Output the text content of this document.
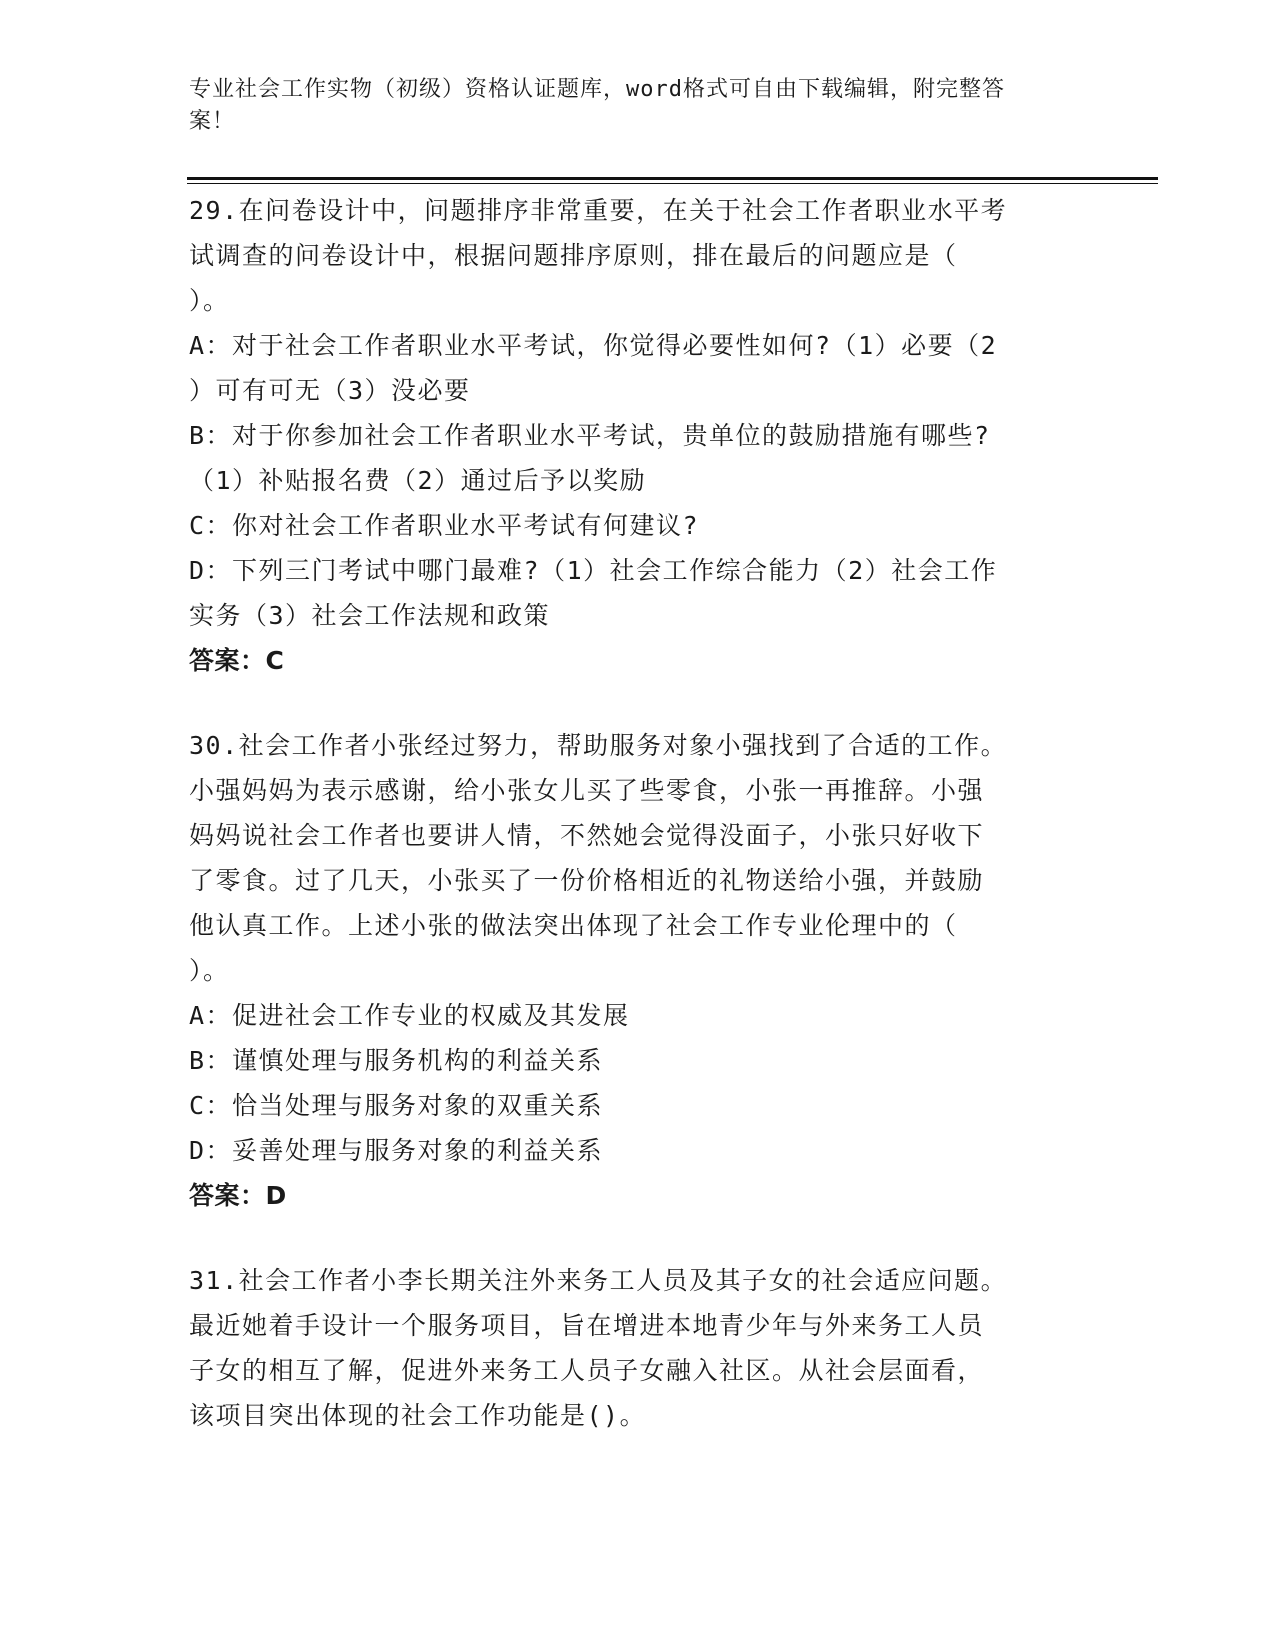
专业社会工作实物（初级）资格认证题库，word格式可自由下载编辑，附完整答
案！
29.在问卷设计中，问题排序非常重要，在关于社会工作者职业水平考
试调查的问卷设计中，根据问题排序原则，排在最后的问题应是（
）。
A：对于社会工作者职业水平考试，你觉得必要性如何?（1）必要（2
）可有可无（3）没必要
B：对于你参加社会工作者职业水平考试，贵单位的鼓励措施有哪些?
（1）补贴报名费（2）通过后予以奖励
C：你对社会工作者职业水平考试有何建议?
D：下列三门考试中哪门最难?（1）社会工作综合能力（2）社会工作
实务（3）社会工作法规和政策
答案：C
30.社会工作者小张经过努力，帮助服务对象小强找到了合适的工作。
小强妈妈为表示感谢，给小张女儿买了些零食，小张一再推辞。小强
妈妈说社会工作者也要讲人情，不然她会觉得没面子，小张只好收下
了零食。过了几天，小张买了一份价格相近的礼物送给小强，并鼓励
他认真工作。上述小张的做法突出体现了社会工作专业伦理中的（
）。
A：促进社会工作专业的权威及其发展
B：谨慎处理与服务机构的利益关系
C：恰当处理与服务对象的双重关系
D：妥善处理与服务对象的利益关系
答案：D
31.社会工作者小李长期关注外来务工人员及其子女的社会适应问题。
最近她着手设计一个服务项目，旨在增进本地青少年与外来务工人员
子女的相互了解，促进外来务工人员子女融入社区。从社会层面看，
该项目突出体现的社会工作功能是()。
